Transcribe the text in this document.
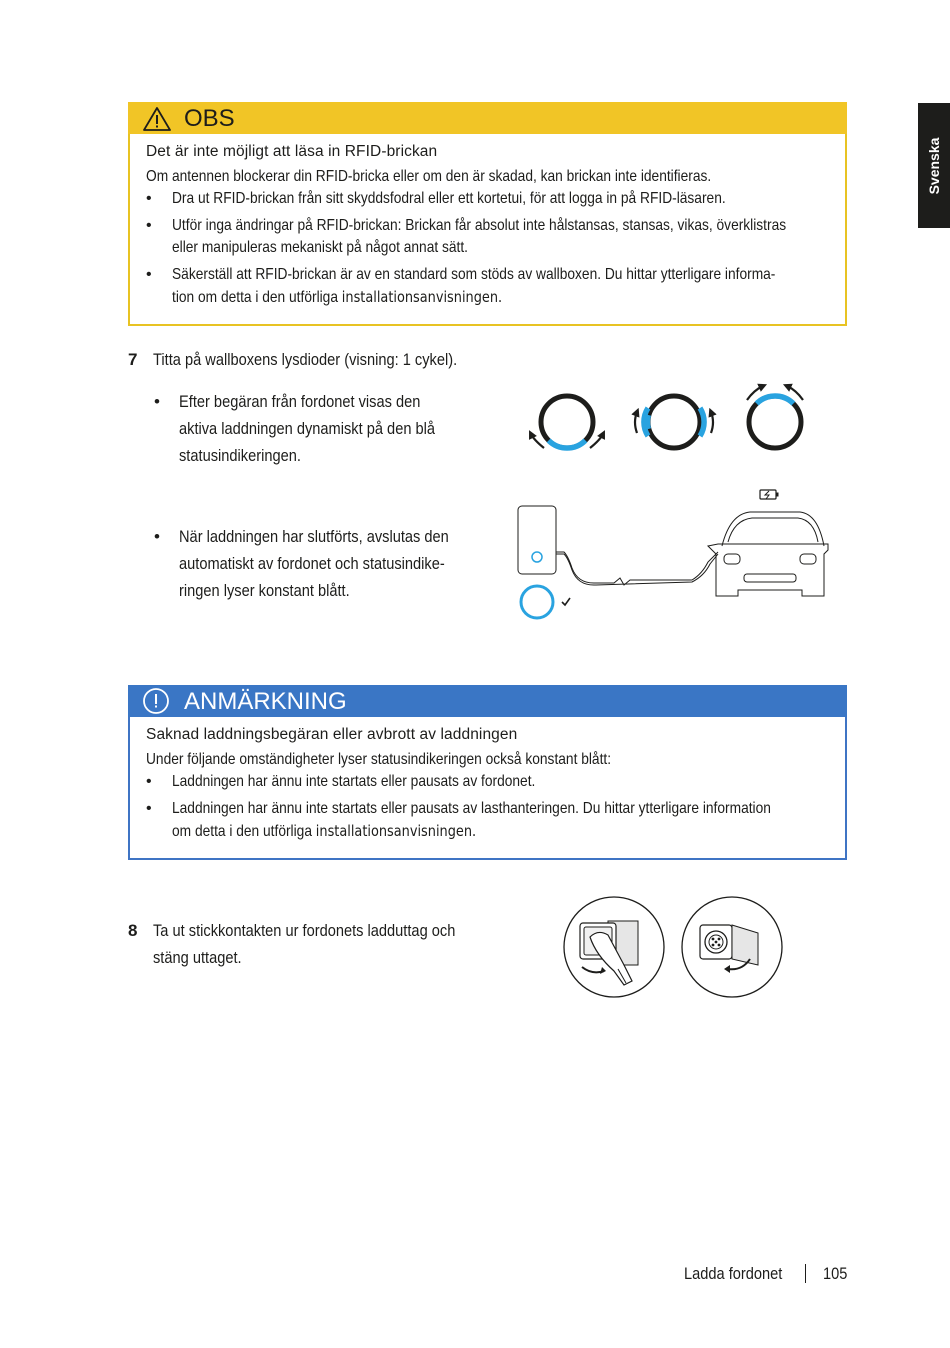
Svenska
OBS
Det är inte möjligt att läsa in RFID-brickan
Om antennen blockerar din RFID-bricka eller om den är skadad, kan brickan inte identifieras.
• Dra ut RFID-brickan från sitt skyddsfodral eller ett kortetui, för att logga in på RFID-läsaren.
• Utför inga ändringar på RFID-brickan: Brickan får absolut inte hålstansas, stansas, vikas, överklistras
eller manipuleras mekaniskt på något annat sätt.
• Säkerställ att RFID-brickan är av en standard som stöds av wallboxen. Du hittar ytterligare informa-
tion om detta i den utförliga installationsanvisningen.
7 Titta på wallboxens lysdioder (visning: 1 cykel).
• Efter begäran från fordonet visas den
aktiva laddningen dynamiskt på den blå
statusindikeringen.
• När laddningen har slutförts, avslutas den
automatiskt av fordonet och statusindike-
ringen lyser konstant blått.
ANMÄRKNING
Saknad laddningsbegäran eller avbrott av laddningen
Under följande omständigheter lyser statusindikeringen också konstant blått:
• Laddningen har ännu inte startats eller pausats av fordonet.
• Laddningen har ännu inte startats eller pausats av lasthanteringen. Du hittar ytterligare information
om detta i den utförliga installationsanvisningen.
8 Ta ut stickkontakten ur fordonets ladduttag och
stäng uttaget.
Ladda fordonet	105
